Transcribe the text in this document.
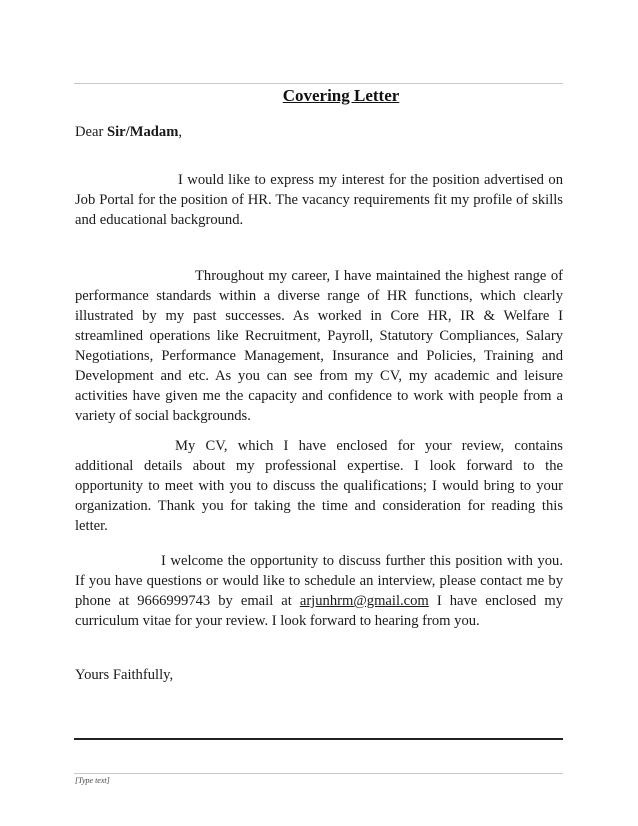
Covering Letter
Dear Sir/Madam,
I would like to express my interest for the position advertised on Job Portal for the position of HR. The vacancy requirements fit my profile of skills and educational background.
Throughout my career, I have maintained the highest range of performance standards within a diverse range of HR functions, which clearly illustrated by my past successes. As worked in Core HR, IR & Welfare I streamlined operations like Recruitment, Payroll, Statutory Compliances, Salary Negotiations, Performance Management, Insurance and Policies, Training and Development and etc. As you can see from my CV, my academic and leisure activities have given me the capacity and confidence to work with people from a variety of social backgrounds.
My CV, which I have enclosed for your review, contains additional details about my professional expertise. I look forward to the opportunity to meet with you to discuss the qualifications; I would bring to your organization. Thank you for taking the time and consideration for reading this letter.
I welcome the opportunity to discuss further this position with you. If you have questions or would like to schedule an interview, please contact me by phone at 9666999743 by email at arjunhrm@gmail.com I have enclosed my curriculum vitae for your review. I look forward to hearing from you.
Yours Faithfully,
[Type text]
